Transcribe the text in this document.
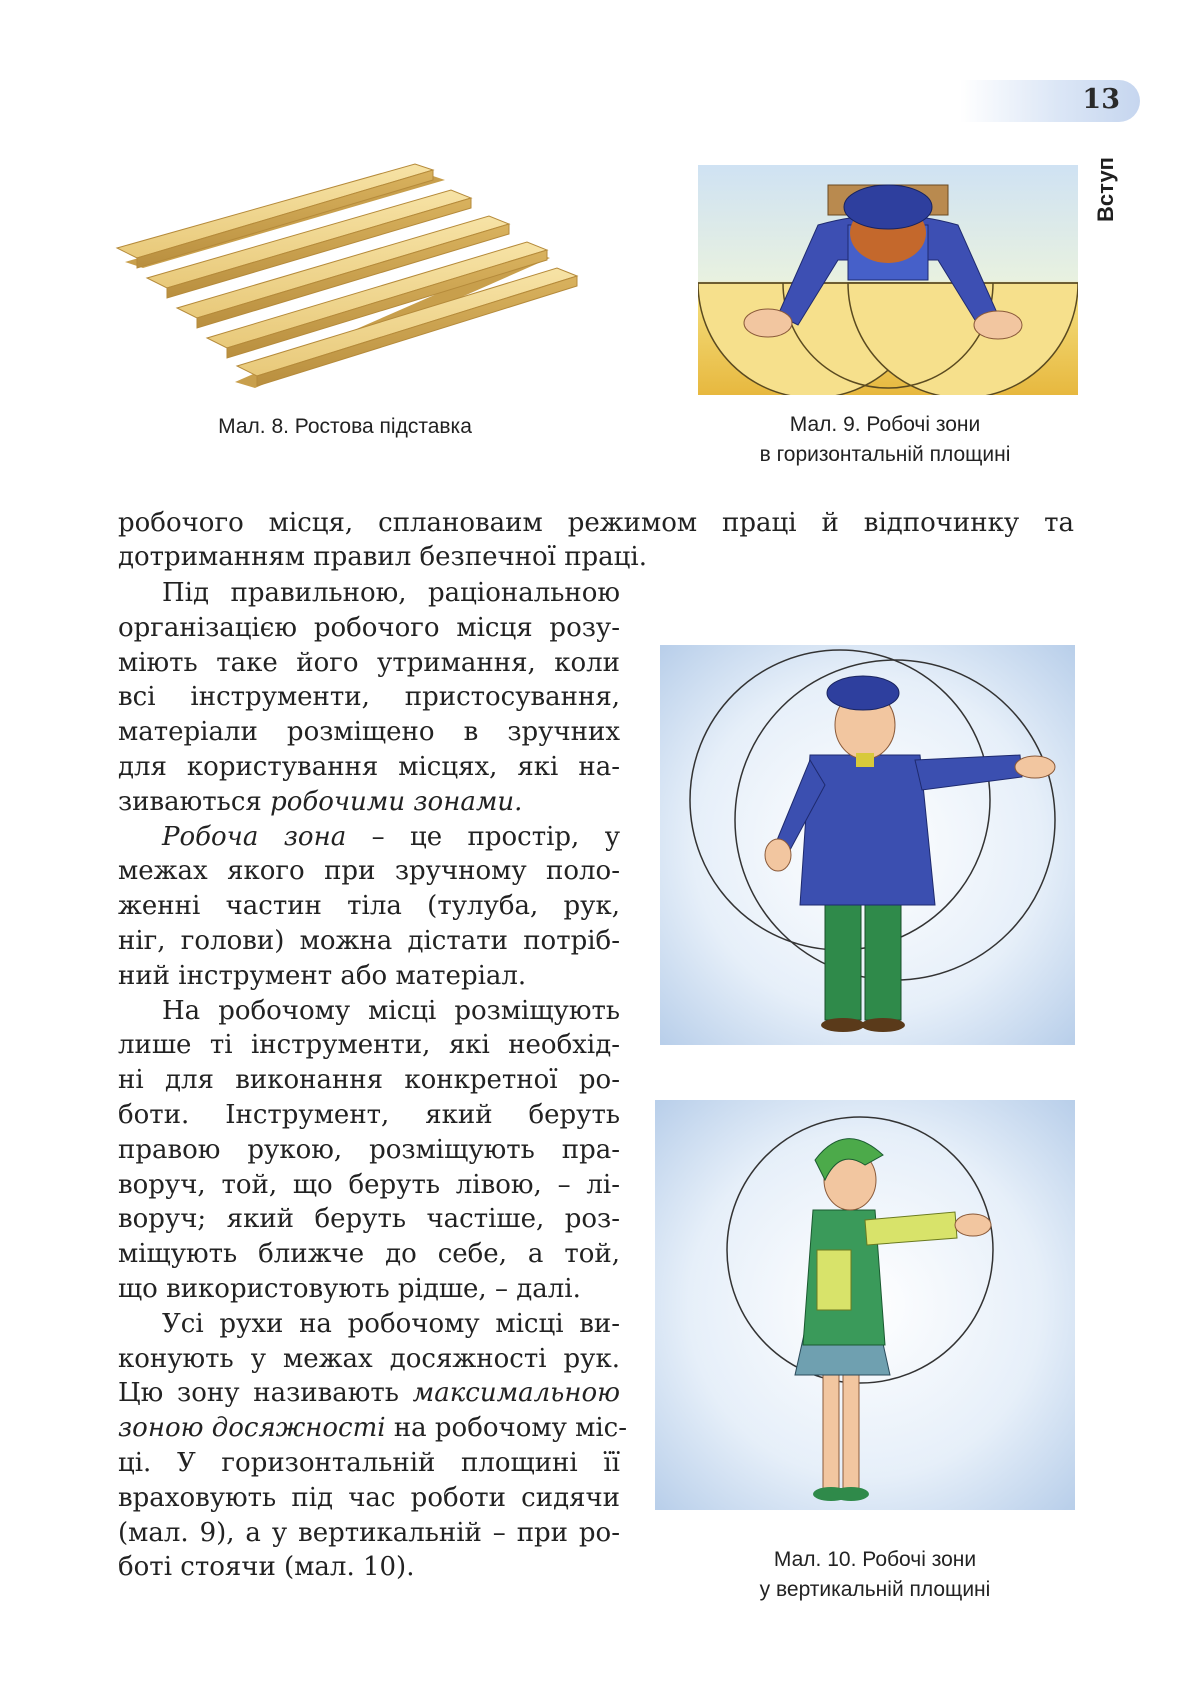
13
Вступ
Мал. 8. Ростова підставка	Мал. 9. Робочі зони
в горизонтальній площині

робочого місця, сплановаим режимом праці й відпочинку та
дотриманням правил безпечної праці.

Під правильною, раціональною
організацією робочого місця розу-
міють таке його утримання, коли
всі інструменти, пристосування,
матеріали розміщено в зручних
для користування місцях, які на-
зиваються робочими зонами.

Робоча зона – це простір, у
межах якого при зручному поло-
женні частин тіла (тулуба, рук,
ніг, голови) можна дістати потріб-
ний інструмент або матеріал.

На робочому місці розміщують
лише ті інструменти, які необхід-
ні для виконання конкретної ро-
боти. Інструмент, який беруть
правою рукою, розміщують пра-
воруч, той, що беруть лівою, – лі-
воруч; який беруть частіше, роз-
міщують ближче до себе, а той,
що використовують рідше, – далі.

Усі рухи на робочому місці ви-
конують у межах досяжності рук.
Цю зону називають максимальною
зоною досяжності на робочому міс-
ці. У горизонтальній площині її
враховують під час роботи сидячи
(мал. 9), а у вертикальній – при ро-
боті стоячи (мал. 10).	Мал. 10. Робочі зони
у вертикальній площині
